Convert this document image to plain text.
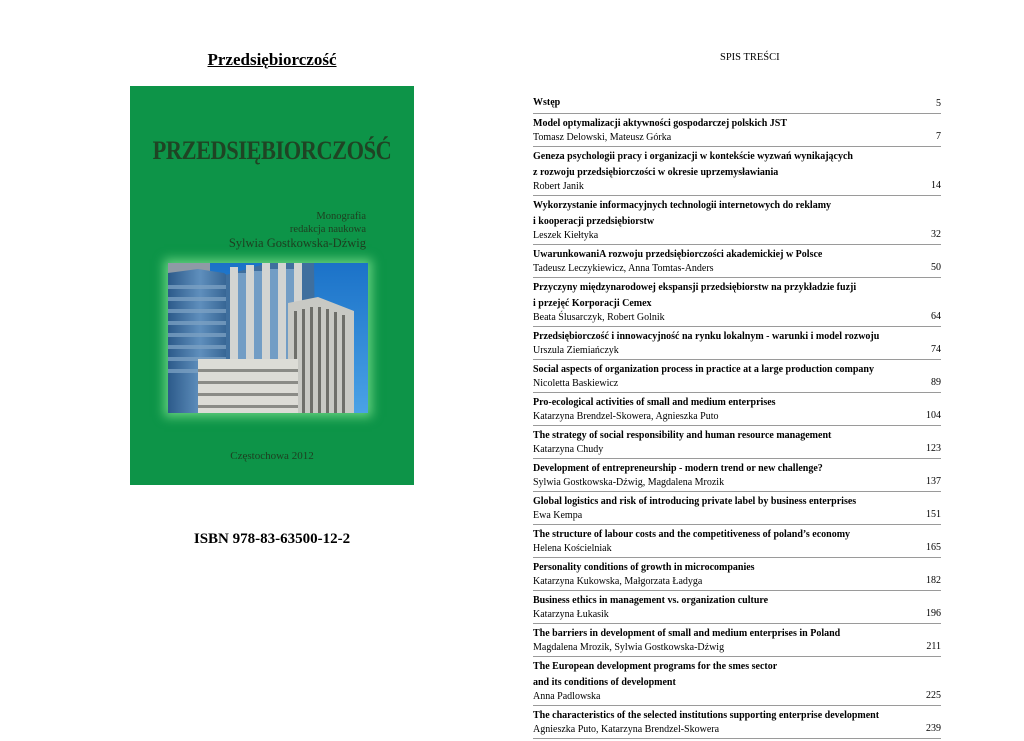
Przedsiębiorczość
PRZEDSIĘBIORCZOŚĆ
Monografia
redakcja naukowa
Sylwia Gostkowska-Dźwig
Częstochowa 2012
ISBN 978-83-63500-12-2
SPIS TREŚCI
Wstęp	5
Model optymalizacji aktywności gospodarczej polskich JST
Tomasz Delowski, Mateusz Górka	7
Geneza psychologii pracy i organizacji w kontekście wyzwań wynikających
z rozwoju przedsiębiorczości w okresie uprzemysławiania
Robert Janik	14
Wykorzystanie informacyjnych technologii internetowych do reklamy
i kooperacji przedsiębiorstw
Leszek Kiełtyka	32
UwarunkowaniA rozwoju przedsiębiorczości akademickiej w Polsce
Tadeusz Leczykiewicz, Anna Tomtas-Anders	50
Przyczyny międzynarodowej ekspansji przedsiębiorstw na przykładzie fuzji
i przejęć Korporacji Cemex
Beata Ślusarczyk, Robert Golnik	64
Przedsiębiorczość i innowacyjność na rynku lokalnym - warunki i model rozwoju
Urszula Ziemiańczyk	74
Social aspects of organization process in practice at a large production company
Nicoletta Baskiewicz	89
Pro-ecological activities of small and medium enterprises
Katarzyna Brendzel-Skowera, Agnieszka Puto	104
The strategy of social responsibility and human resource management
Katarzyna Chudy	123
Development of entrepreneurship - modern trend or new challenge?
Sylwia Gostkowska-Dźwig, Magdalena Mrozik	137
Global logistics and risk of introducing private label by business enterprises
Ewa Kempa	151
The structure of labour costs and the competitiveness of poland’s economy
Helena Kościelniak	165
Personality conditions of growth in microcompanies
Katarzyna Kukowska, Małgorzata Ładyga	182
Business ethics in management vs. organization culture
Katarzyna Łukasik	196
The barriers in development of small and medium enterprises in Poland
Magdalena Mrozik, Sylwia Gostkowska-Dźwig	211
The European development programs for the smes sector
and its conditions of development
Anna Padlowska	225
The characteristics of the selected institutions supporting enterprise development
Agnieszka Puto, Katarzyna Brendzel-Skowera	239
